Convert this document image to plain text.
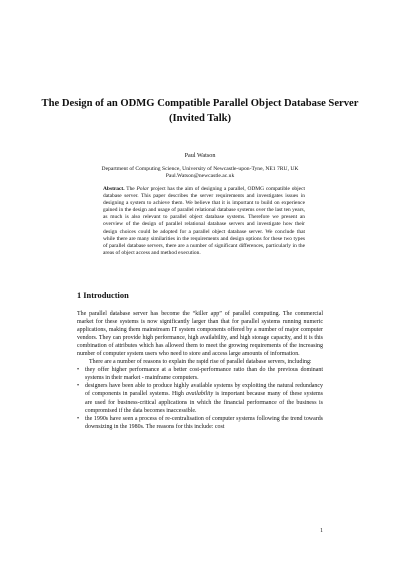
The Design of an ODMG Compatible Parallel Object Database Server (Invited Talk)
Paul Watson
Department of Computing Science, University of Newcastle-upon-Tyne, NE1 7RU, UK
Paul.Watson@newcastle.ac.uk
Abstract. The Polar project has the aim of designing a parallel, ODMG compatible object database server. This paper describes the server requirements and investigates issues in designing a system to achieve them. We believe that it is important to build on experience gained in the design and usage of parallel relational database systems over the last ten years, as much is also relevant to parallel object database systems. Therefore we present an overview of the design of parallel relational database servers and investigate how their design choices could be adopted for a parallel object database server. We conclude that while there are many similarities in the requirements and design options for these two types of parallel database servers, there are a number of significant differences, particularly in the areas of object access and method execution.
1 Introduction

The parallel database server has become the “killer app” of parallel computing. The commercial market for these systems is now significantly larger than that for parallel systems running numeric applications, making them mainstream IT system components offered by a number of major computer vendors. They can provide high performance, high availability, and high storage capacity, and it is this combination of attributes which has allowed them to meet the growing requirements of the increasing number of computer system users who need to store and access large amounts of information.

There are a number of reasons to explain the rapid rise of parallel database servers, including:

• they offer higher performance at a better cost-performance ratio than do the previous dominant systems in their market - mainframe computers.
• designers have been able to produce highly available systems by exploiting the natural redundancy of components in parallel systems. High availability is important because many of these systems are used for business-critical applications in which the financial performance of the business is compromised if the data becomes inaccessible.
• the 1990s have seen a process of re-centralisation of computer systems following the trend towards downsizing in the 1980s. The reasons for this include: cost
1
